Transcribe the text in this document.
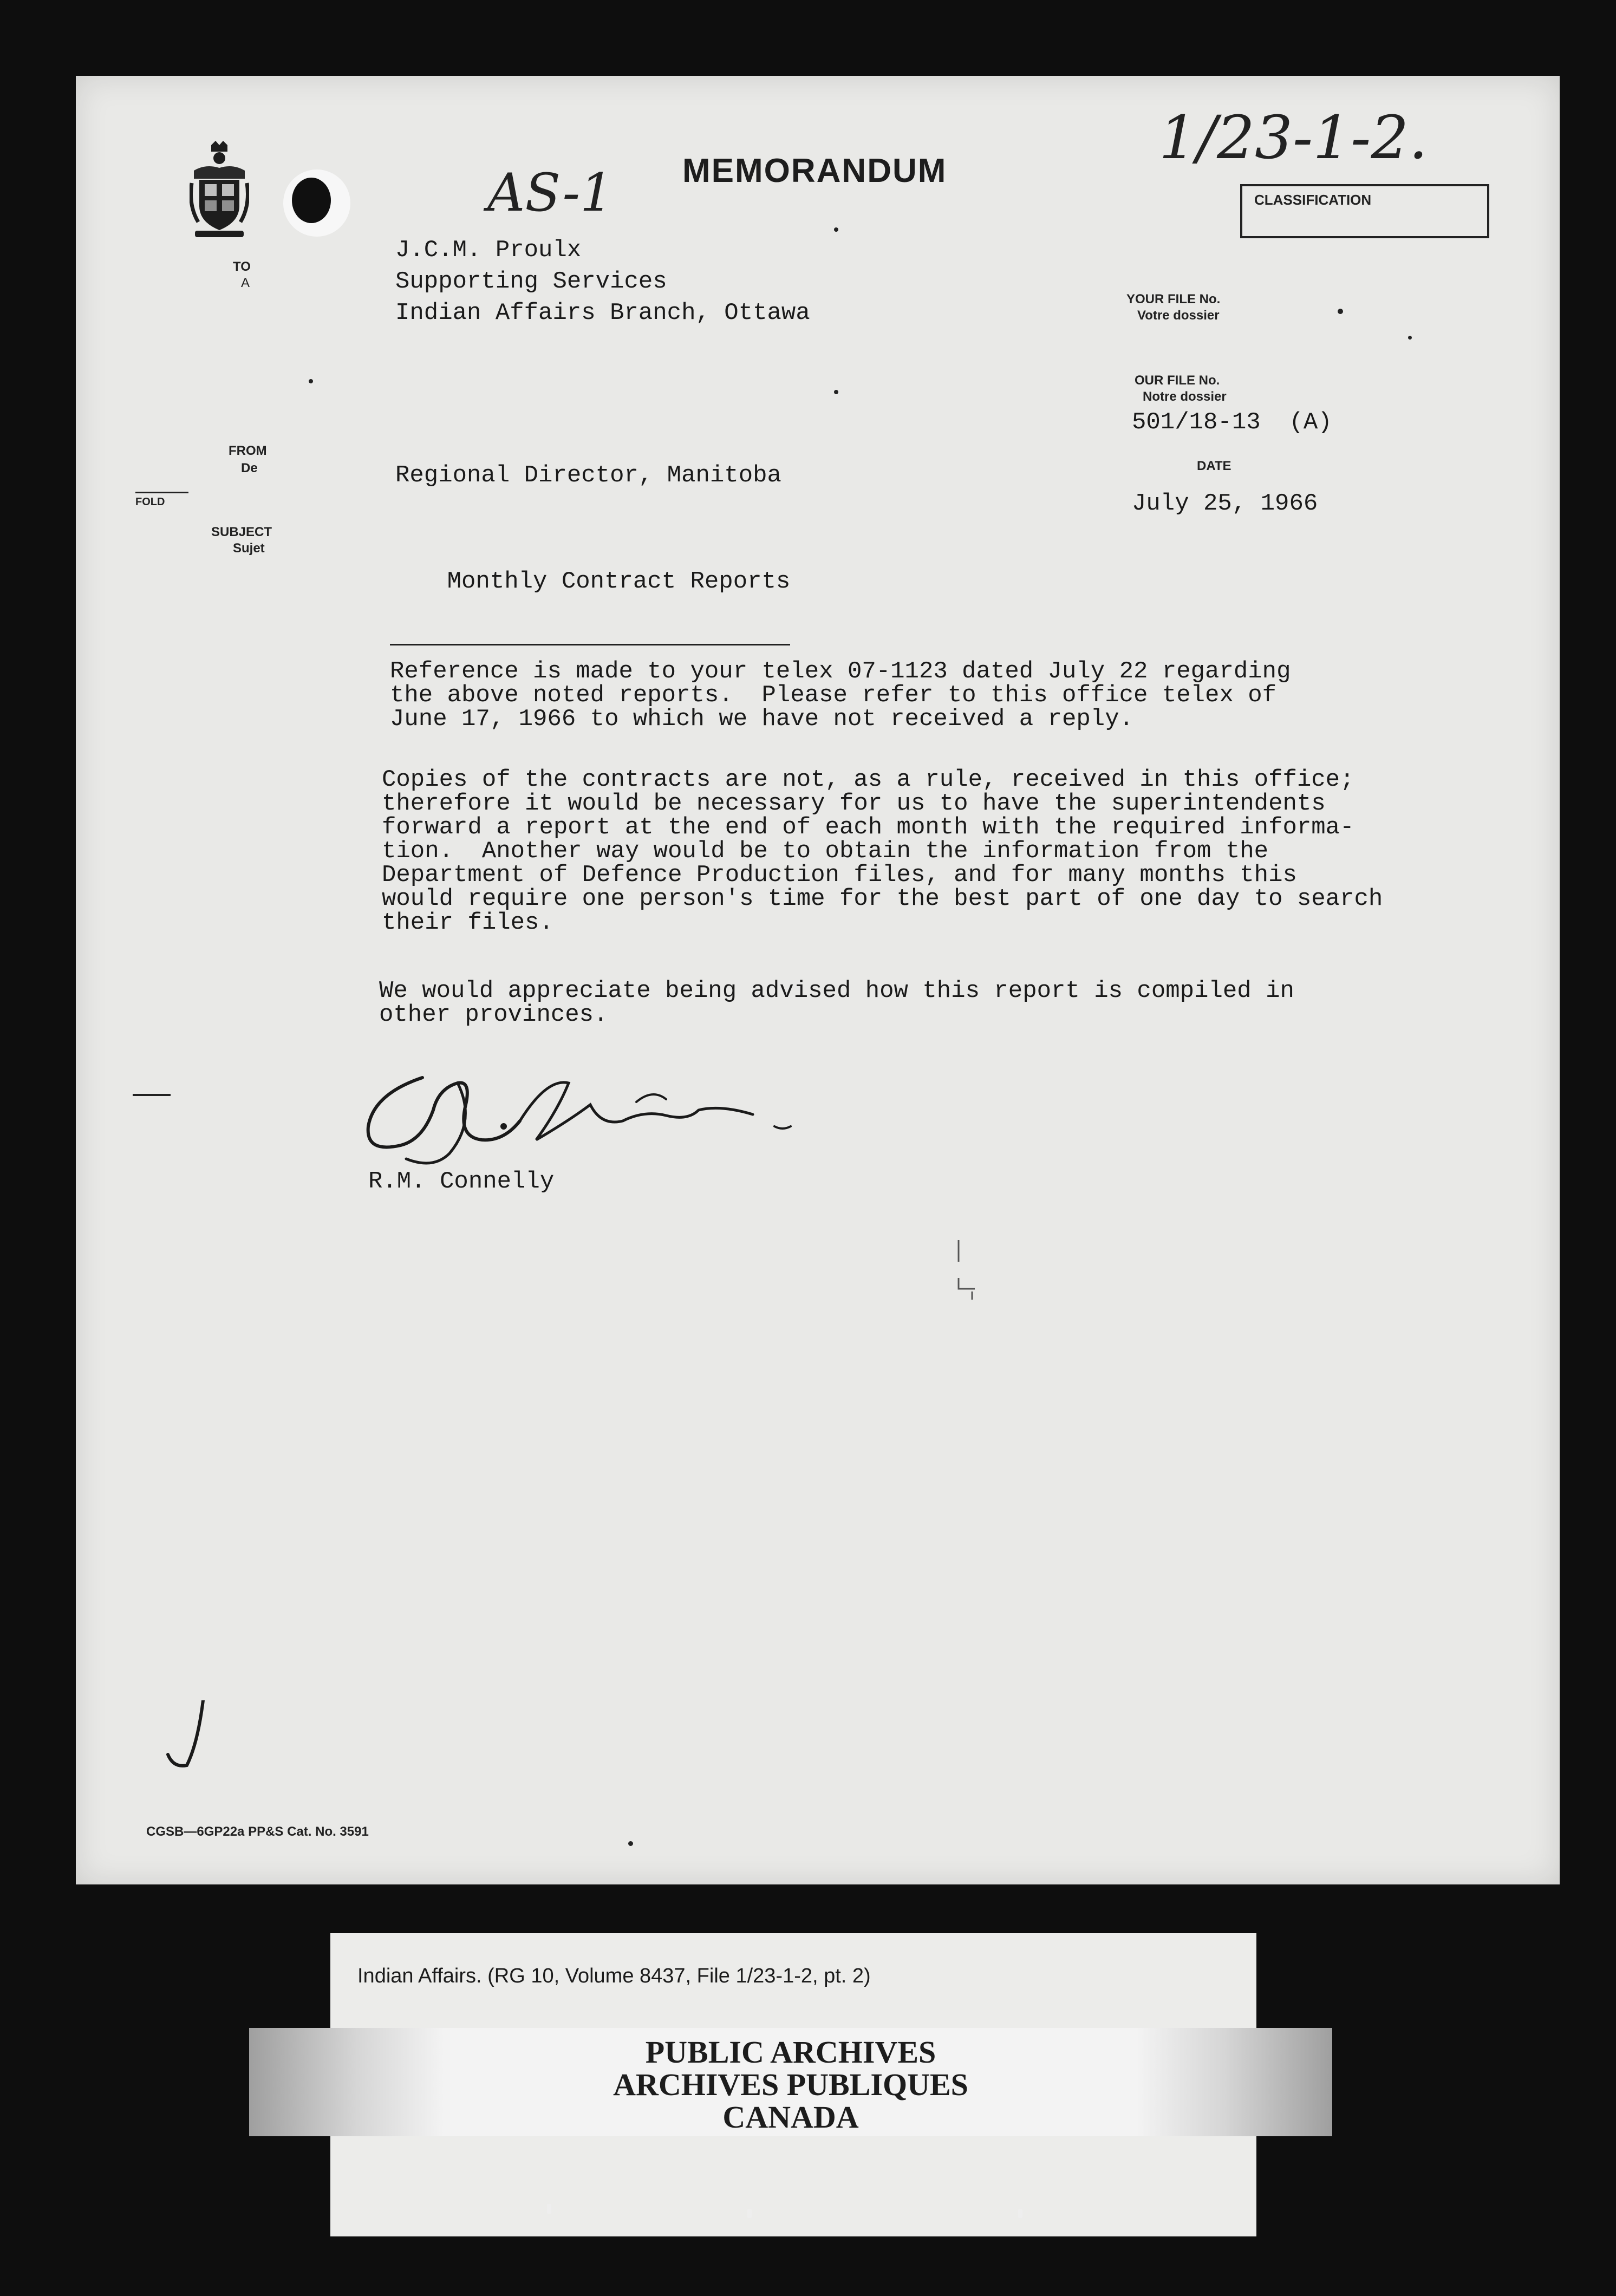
AS-1
1/23-1-2.
MEMORANDUM
CLASSIFICATION
TO
A
J.C.M. Proulx
Supporting Services
Indian Affairs Branch, Ottawa
YOUR FILE No.
Votre dossier
OUR FILE No.
Notre dossier
501/18-13  (A)
DATE
July 25, 1966
FROM
De
FOLD
Regional Director, Manitoba
SUBJECT
Sujet

Monthly Contract Reports

Reference is made to your telex 07-1123 dated July 22 regarding
the above noted reports.  Please refer to this office telex of
June 17, 1966 to which we have not received a reply.
Copies of the contracts are not, as a rule, received in this office;
therefore it would be necessary for us to have the superintendents
forward a report at the end of each month with the required informa-
tion.  Another way would be to obtain the information from the
Department of Defence Production files, and for many months this
would require one person's time for the best part of one day to search
their files.
We would appreciate being advised how this report is compiled in
other provinces.
R.M. Connelly
CGSB—6GP22a PP&S Cat. No. 3591
Indian Affairs. (RG 10, Volume 8437, File 1/23-1-2, pt. 2)
PUBLIC ARCHIVES
ARCHIVES PUBLIQUES
CANADA
